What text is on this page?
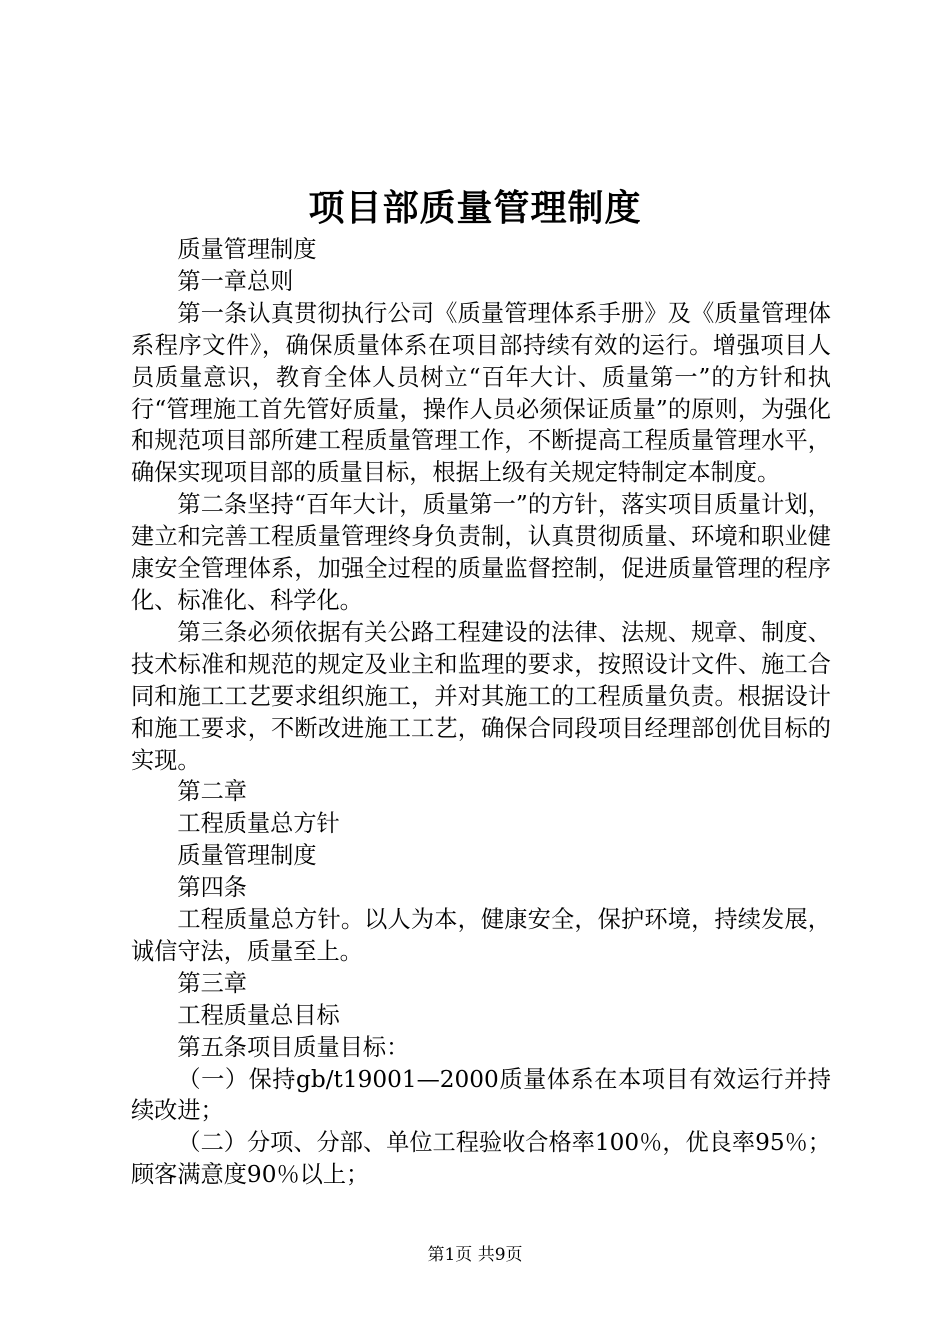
项目部质量管理制度

质量管理制度

第一章总则

第一条认真贯彻执行公司《质量管理体系手册》及《质量管理体系程序文件》，确保质量体系在项目部持续有效的运行。增强项目人员质量意识，教育全体人员树立“百年大计、质量第一”的方针和执行“管理施工首先管好质量，操作人员必须保证质量”的原则，为强化和规范项目部所建工程质量管理工作，不断提高工程质量管理水平，确保实现项目部的质量目标，根据上级有关规定特制定本制度。

第二条坚持“百年大计，质量第一”的方针，落实项目质量计划，建立和完善工程质量管理终身负责制，认真贯彻质量、环境和职业健康安全管理体系，加强全过程的质量监督控制，促进质量管理的程序化、标准化、科学化。

第三条必须依据有关公路工程建设的法律、法规、规章、制度、技术标准和规范的规定及业主和监理的要求，按照设计文件、施工合同和施工工艺要求组织施工，并对其施工的工程质量负责。根据设计和施工要求，不断改进施工工艺，确保合同段项目经理部创优目标的实现。

第二章

工程质量总方针

质量管理制度

第四条

工程质量总方针。以人为本，健康安全，保护环境，持续发展，诚信守法，质量至上。

第三章

工程质量总目标

第五条项目质量目标：

（一）保持gb/t19001—2000质量体系在本项目有效运行并持续改进；

（二）分项、分部、单位工程验收合格率100％，优良率95％；顾客满意度90％以上；

第1页 共9页
